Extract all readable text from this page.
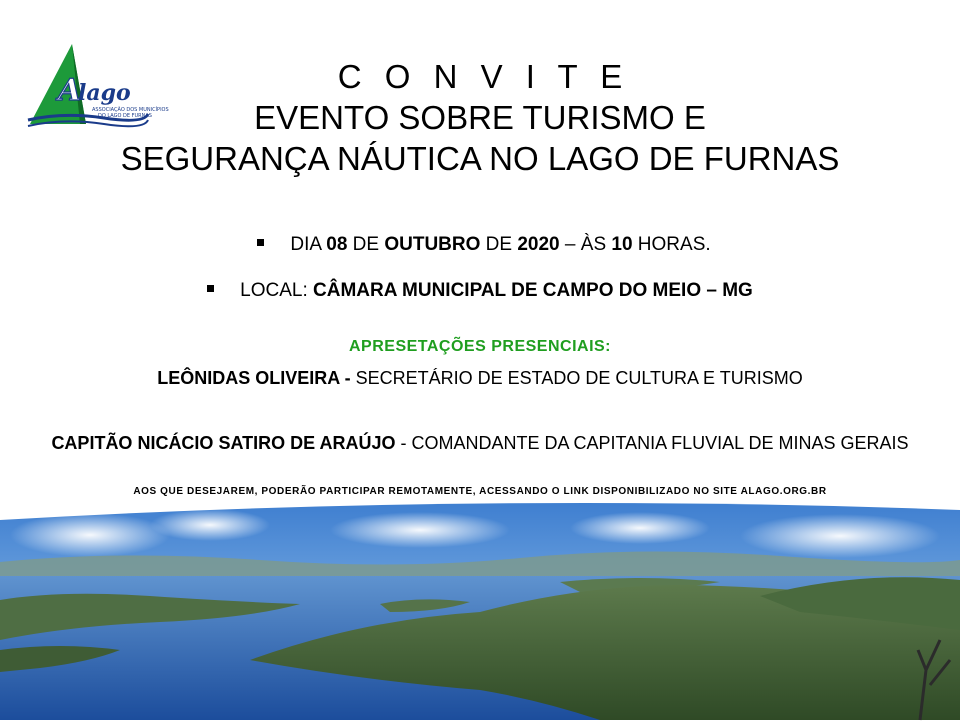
A
lago
ASSOCIAÇÃO DOS MUNICÍPIOS
DO LAGO DE FURNAS
C O N V I T E
EVENTO SOBRE TURISMO E
SEGURANÇA NÁUTICA NO LAGO DE FURNAS
DIA 08 DE OUTUBRO DE 2020 – ÀS 10 HORAS.
LOCAL: CÂMARA MUNICIPAL DE CAMPO DO MEIO – MG
APRESETAÇÕES PRESENCIAIS:
LEÔNIDAS OLIVEIRA - SECRETÁRIO DE ESTADO DE CULTURA E TURISMO
CAPITÃO NICÁCIO SATIRO DE ARAÚJO - COMANDANTE DA CAPITANIA FLUVIAL DE MINAS GERAIS
AOS QUE DESEJAREM, PODERÃO PARTICIPAR REMOTAMENTE, ACESSANDO O LINK DISPONIBILIZADO NO SITE ALAGO.ORG.BR
